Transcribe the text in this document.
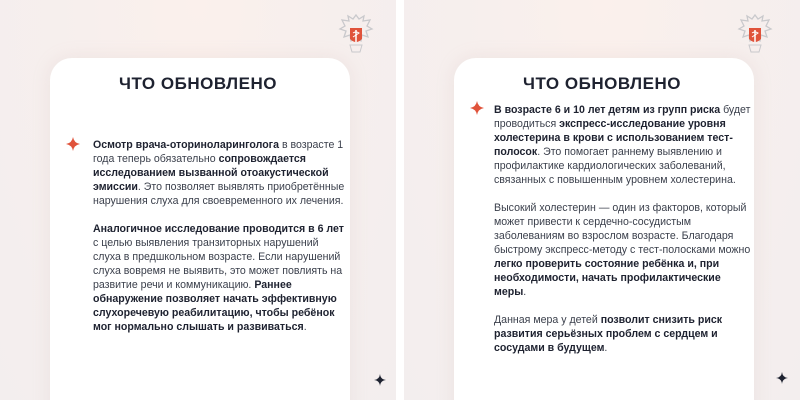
ЧТО ОБНОВЛЕНО

Осмотр врача-оториноларинголога в возрасте 1 года теперь обязательно сопровождается исследованием вызванной отоакустической эмиссии. Это позволяет выявлять приобретённые нарушения слуха для своевременного их лечения.

Аналогичное исследование проводится в 6 лет с целью выявления транзиторных нарушений слуха в предшкольном возрасте. Если нарушений слуха вовремя не выявить, это может повлиять на развитие речи и коммуникацию. Раннее обнаружение позволяет начать эффективную слухоречевую реабилитацию, чтобы ребёнок мог нормально слышать и развиваться.

ЧТО ОБНОВЛЕНО

В возрасте 6 и 10 лет детям из групп риска будет проводиться экспресс-исследование уровня холестерина в крови с использованием тест-полосок. Это помогает раннему выявлению и профилактике кардиологических заболеваний, связанных с повышенным уровнем холестерина.

Высокий холестерин — один из факторов, который может привести к сердечно-сосудистым заболеваниям во взрослом возрасте. Благодаря быстрому экспресс-методу с тест-полосками можно легко проверить состояние ребёнка и, при необходимости, начать профилактические меры.

Данная мера у детей позволит снизить риск развития серьёзных проблем с сердцем и сосудами в будущем.
